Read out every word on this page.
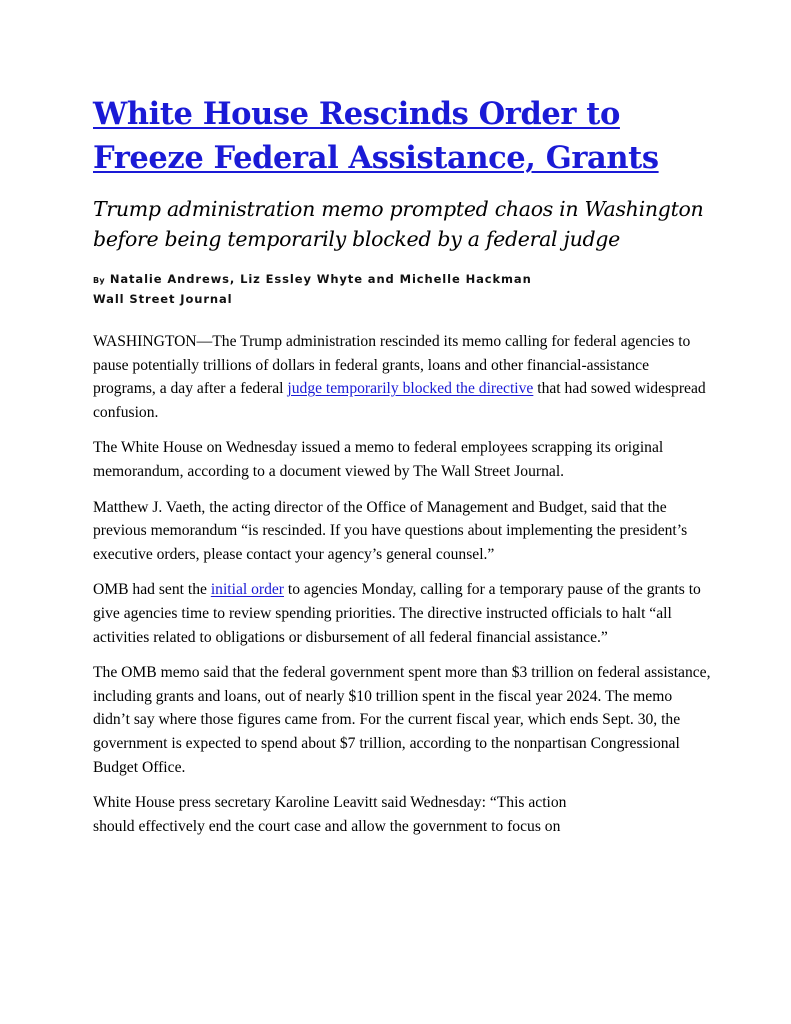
White House Rescinds Order to
Freeze Federal Assistance, Grants

Trump administration memo prompted chaos in Washington
before being temporarily blocked by a federal judge

By Natalie Andrews, Liz Essley Whyte and Michelle Hackman
Wall Street Journal

WASHINGTON—The Trump administration rescinded its memo calling for federal agencies to pause potentially trillions of dollars in federal grants, loans and other financial-assistance programs, a day after a federal judge temporarily blocked the directive that had sowed widespread confusion.

The White House on Wednesday issued a memo to federal employees scrapping its original memorandum, according to a document viewed by The Wall Street Journal.

Matthew J. Vaeth, the acting director of the Office of Management and Budget, said that the previous memorandum “is rescinded. If you have questions about implementing the president’s executive orders, please contact your agency’s general counsel.”

OMB had sent the initial order to agencies Monday, calling for a temporary pause of the grants to give agencies time to review spending priorities. The directive instructed officials to halt “all activities related to obligations or disbursement of all federal financial assistance.”

The OMB memo said that the federal government spent more than $3 trillion on federal assistance, including grants and loans, out of nearly $10 trillion spent in the fiscal year 2024. The memo didn’t say where those figures came from. For the current fiscal year, which ends Sept. 30, the government is expected to spend about $7 trillion, according to the nonpartisan Congressional Budget Office.

White House press secretary Karoline Leavitt said Wednesday: “This action
should effectively end the court case and allow the government to focus on
